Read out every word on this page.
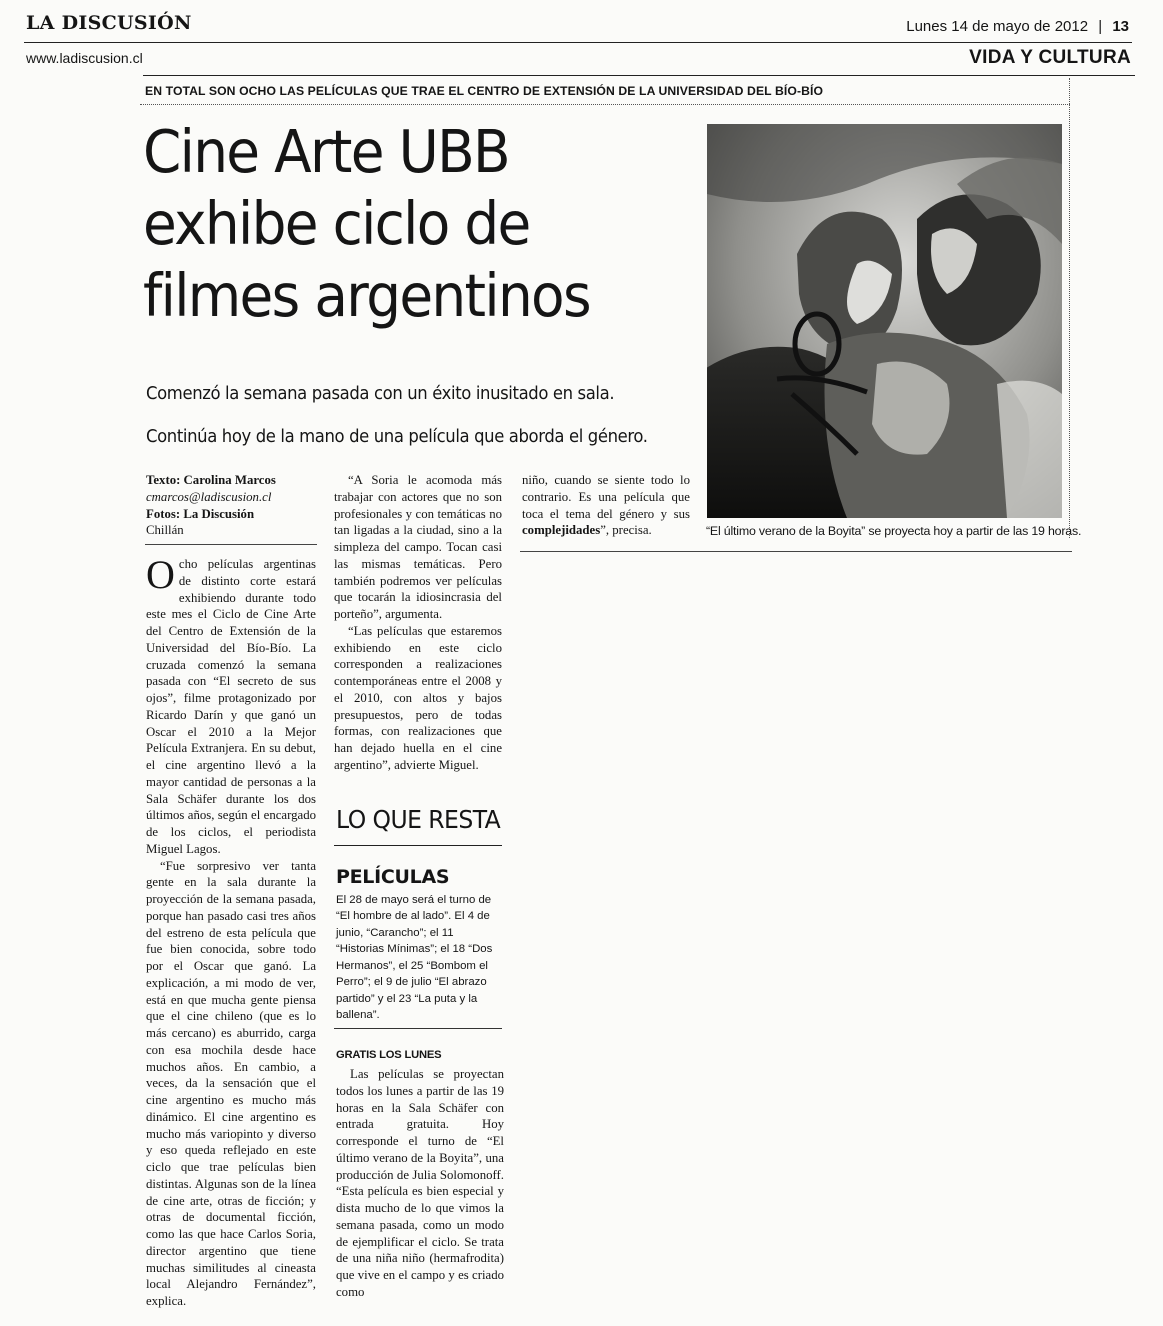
LA DISCUSIÓN	Lunes 14 de mayo de 2012 | 13
www.ladiscusion.cl	VIDA Y CULTURA
EN TOTAL SON OCHO LAS PELÍCULAS QUE TRAE EL CENTRO DE EXTENSIÓN DE LA UNIVERSIDAD DEL BÍO-BÍO
Cine Arte UBB
exhibe ciclo de
filmes argentinos
Comenzó la semana pasada con un éxito inusitado en sala.
Continúa hoy de la mano de una película que aborda el género.
“El último verano de la Boyita” se proyecta hoy a partir de las 19 horas.
Texto: Carolina Marcos
cmarcos@ladiscusion.cl
Fotos: La Discusión
Chillán

Ocho películas argentinas de distinto corte estará exhibiendo durante todo este mes el Ciclo de Cine Arte del Centro de Extensión de la Universidad del Bío-Bío. La cruzada comenzó la semana pasada con “El secreto de sus ojos”, filme protagonizado por Ricardo Darín y que ganó un Oscar el 2010 a la Mejor Película Extranjera. En su debut, el cine argentino llevó a la mayor cantidad de personas a la Sala Schäfer durante los dos últimos años, según el encargado de los ciclos, el periodista Miguel Lagos.

“Fue sorpresivo ver tanta gente en la sala durante la proyección de la semana pasada, porque han pasado casi tres años del estreno de esta película que fue bien conocida, sobre todo por el Oscar que ganó. La explicación, a mi modo de ver, está en que mucha gente piensa que el cine chileno (que es lo más cercano) es aburrido, carga con esa mochila desde hace muchos años. En cambio, a veces, da la sensación que el cine argentino es mucho más dinámico. El cine argentino es mucho más variopinto y diverso y eso queda reflejado en este ciclo que trae películas bien distintas. Algunas son de la línea de cine arte, otras de ficción; y otras de documental ficción, como las que hace Carlos Soria, director argentino que tiene muchas similitudes al cineasta local Alejandro Fernández”, explica.

“A Soria le acomoda más trabajar con actores que no son profesionales y con temáticas no tan ligadas a la ciudad, sino a la simpleza del campo. Tocan casi las mismas temáticas. Pero también podremos ver películas que tocarán la idiosincrasia del porteño”, argumenta.

“Las películas que estaremos exhibiendo en este ciclo corresponden a realizaciones contemporáneas entre el 2008 y el 2010, con altos y bajos presupuestos, pero de todas formas, con realizaciones que han dejado huella en el cine argentino”, advierte Miguel.

niño, cuando se siente todo lo contrario. Es una película que toca el tema del género y sus complejidades”, precisa.

LO QUE RESTA
PELÍCULAS
El 28 de mayo será el turno de “El hombre de al lado”. El 4 de junio, “Carancho”; el 11 “Historias Mínimas”; el 18 “Dos Hermanos”, el 25 “Bombom el Perro”; el 9 de julio “El abrazo partido” y el 23 “La puta y la ballena”.
GRATIS LOS LUNES

Las películas se proyectan todos los lunes a partir de las 19 horas en la Sala Schäfer con entrada gratuita. Hoy corresponde el turno de “El último verano de la Boyita”, una producción de Julia Solomonoff. “Esta película es bien especial y dista mucho de lo que vimos la semana pasada, como un modo de ejemplificar el ciclo. Se trata de una niña niño (hermafrodita) que vive en el campo y es criado como
